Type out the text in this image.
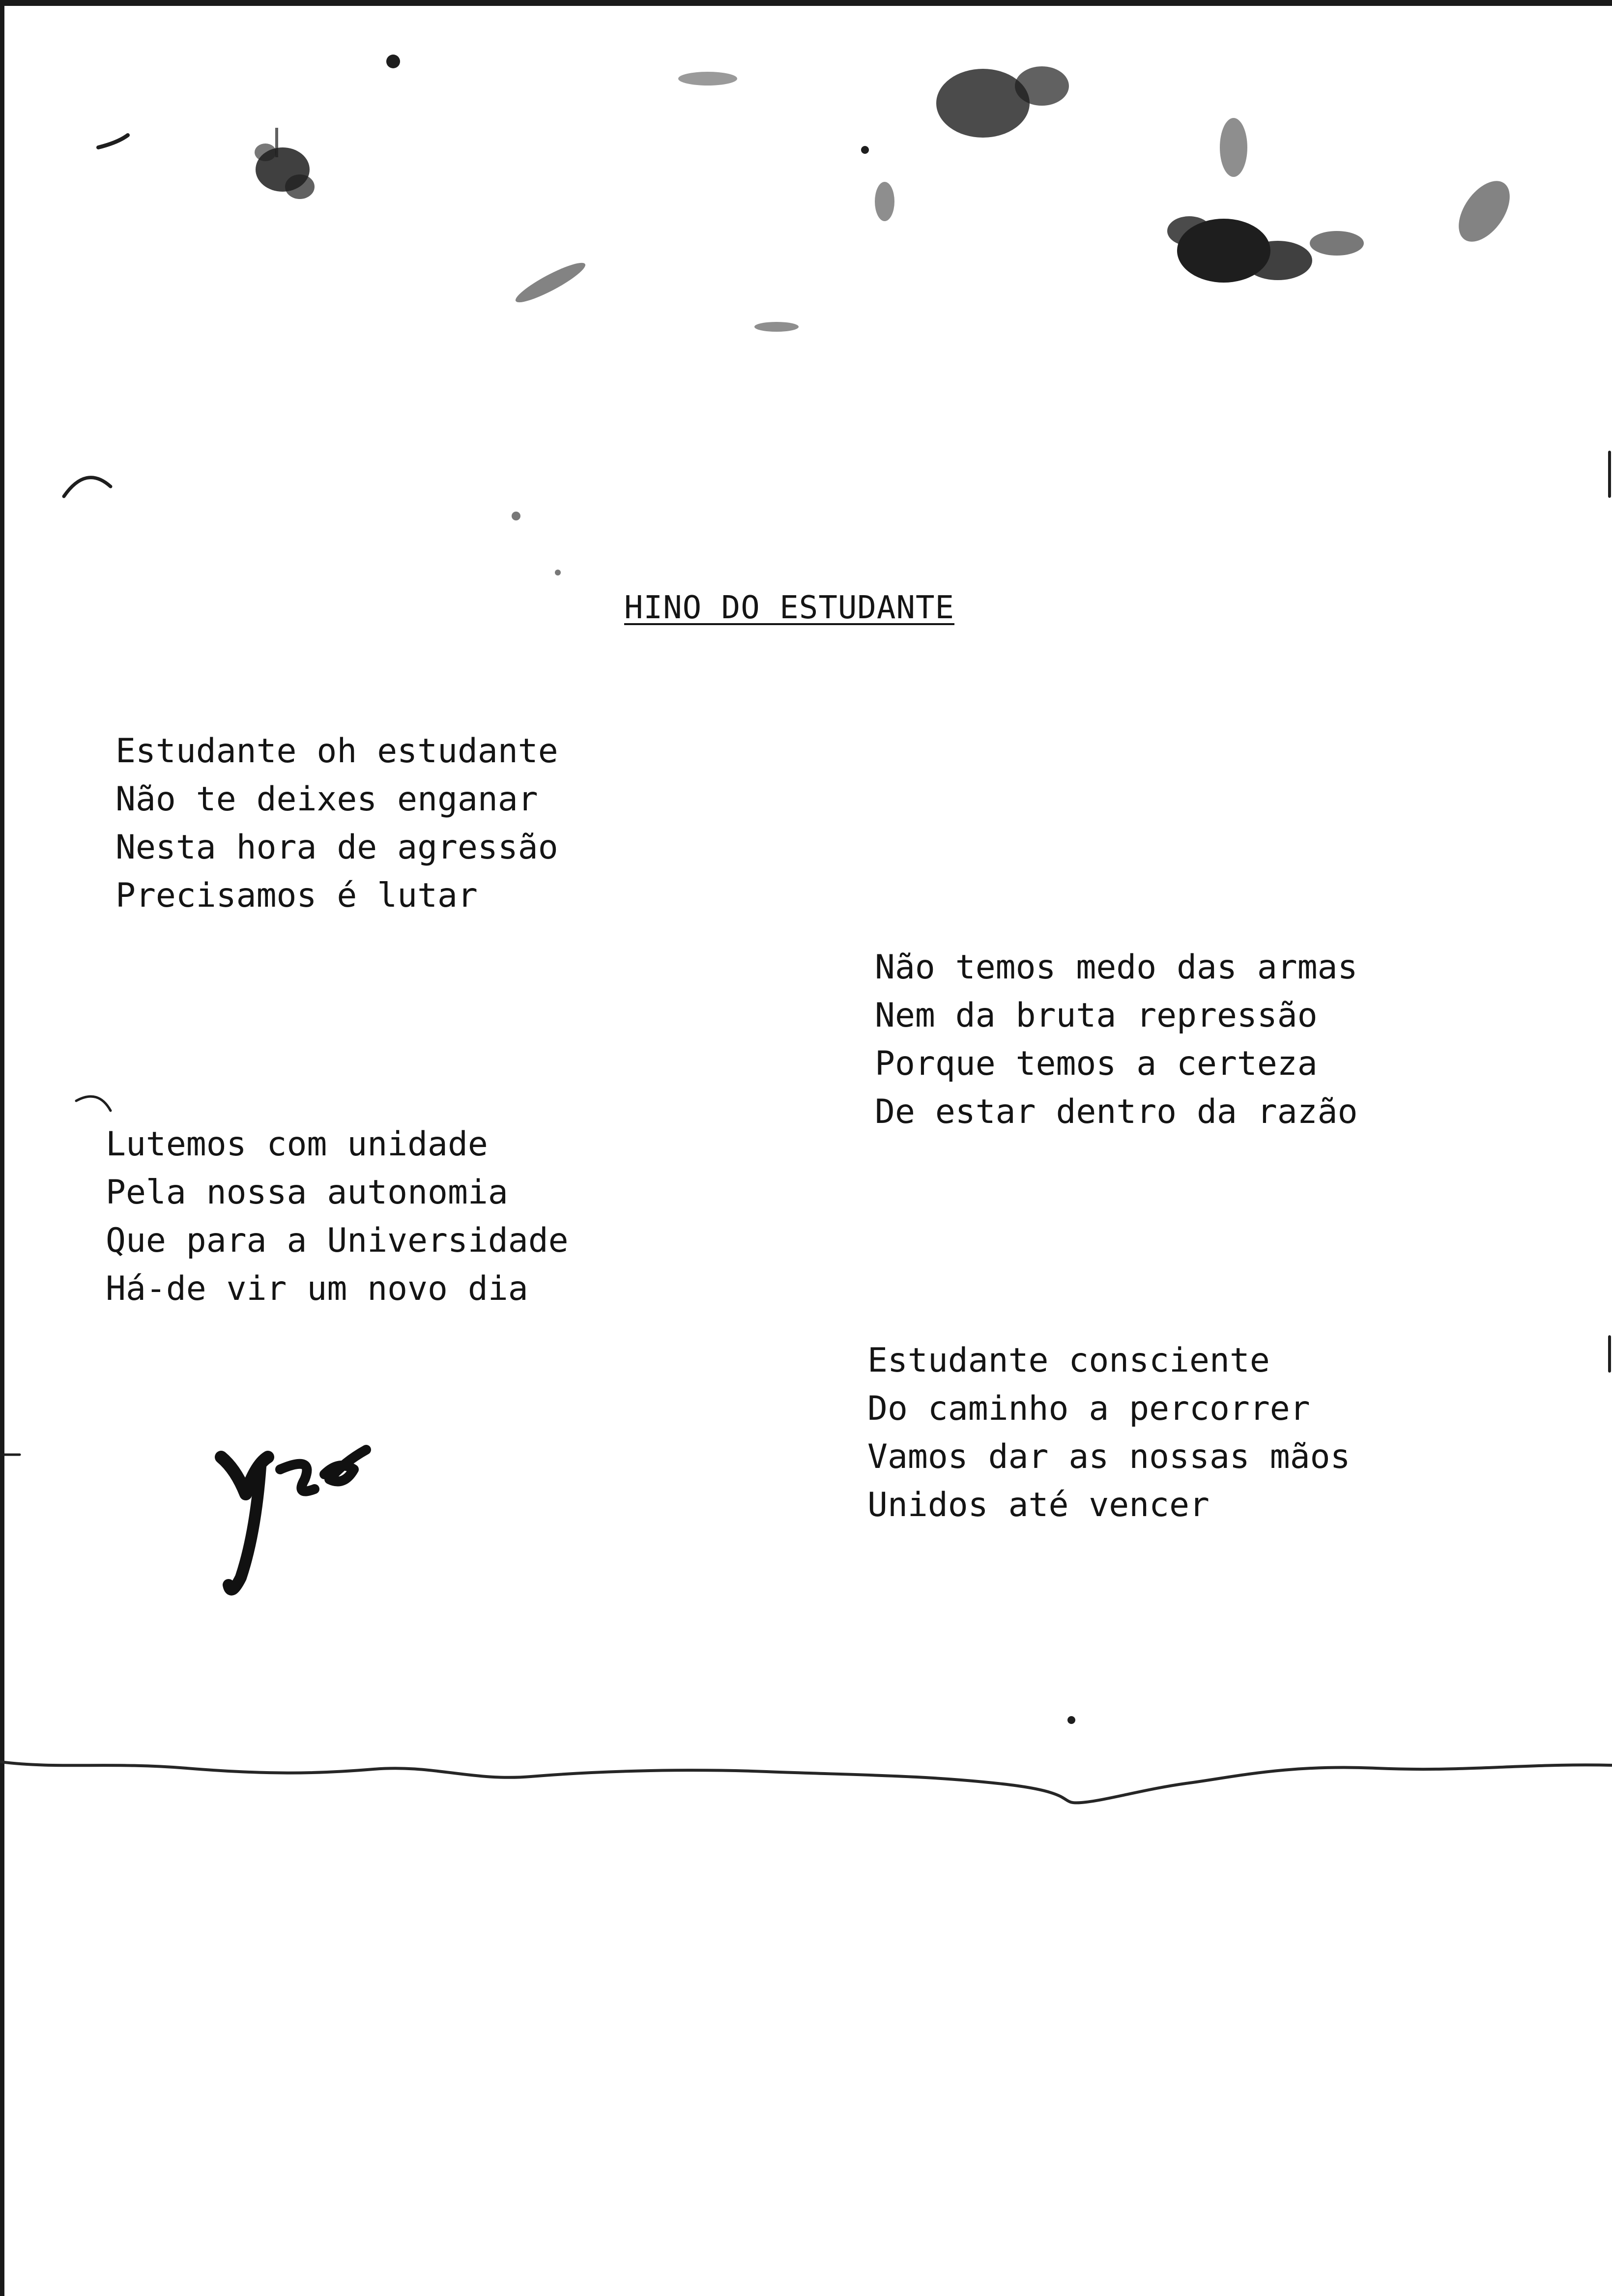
HINO DO ESTUDANTE
Estudante oh estudante
Não te deixes enganar
Nesta hora de agressão
Precisamos é lutar
Não temos medo das armas
Nem da bruta repressão
Porque temos a certeza
De estar dentro da razão
Lutemos com unidade
Pela nossa autonomia
Que para a Universidade
Há-de vir um novo dia
Estudante consciente
Do caminho a percorrer
Vamos dar as nossas mãos
Unidos até vencer
